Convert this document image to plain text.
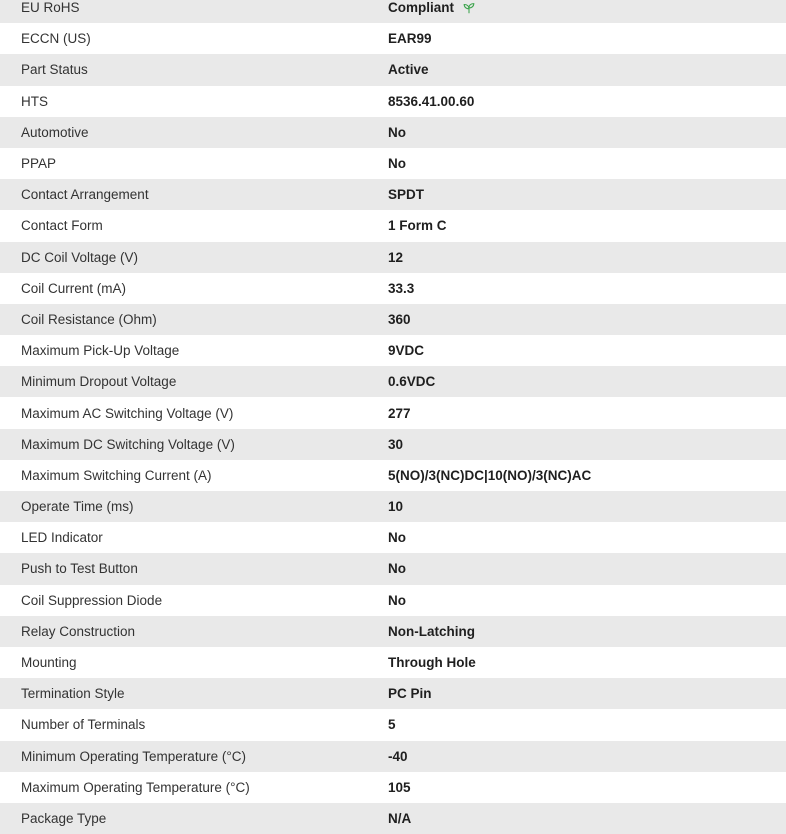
EU RoHS	Compliant
ECCN (US)	EAR99
Part Status	Active
HTS	8536.41.00.60
Automotive	No
PPAP	No
Contact Arrangement	SPDT
Contact Form	1 Form C
DC Coil Voltage (V)	12
Coil Current (mA)	33.3
Coil Resistance (Ohm)	360
Maximum Pick-Up Voltage	9VDC
Minimum Dropout Voltage	0.6VDC
Maximum AC Switching Voltage (V)	277
Maximum DC Switching Voltage (V)	30
Maximum Switching Current (A)	5(NO)/3(NC)DC|10(NO)/3(NC)AC
Operate Time (ms)	10
LED Indicator	No
Push to Test Button	No
Coil Suppression Diode	No
Relay Construction	Non-Latching
Mounting	Through Hole
Termination Style	PC Pin
Number of Terminals	5
Minimum Operating Temperature (°C)	-40
Maximum Operating Temperature (°C)	105
Package Type	N/A
